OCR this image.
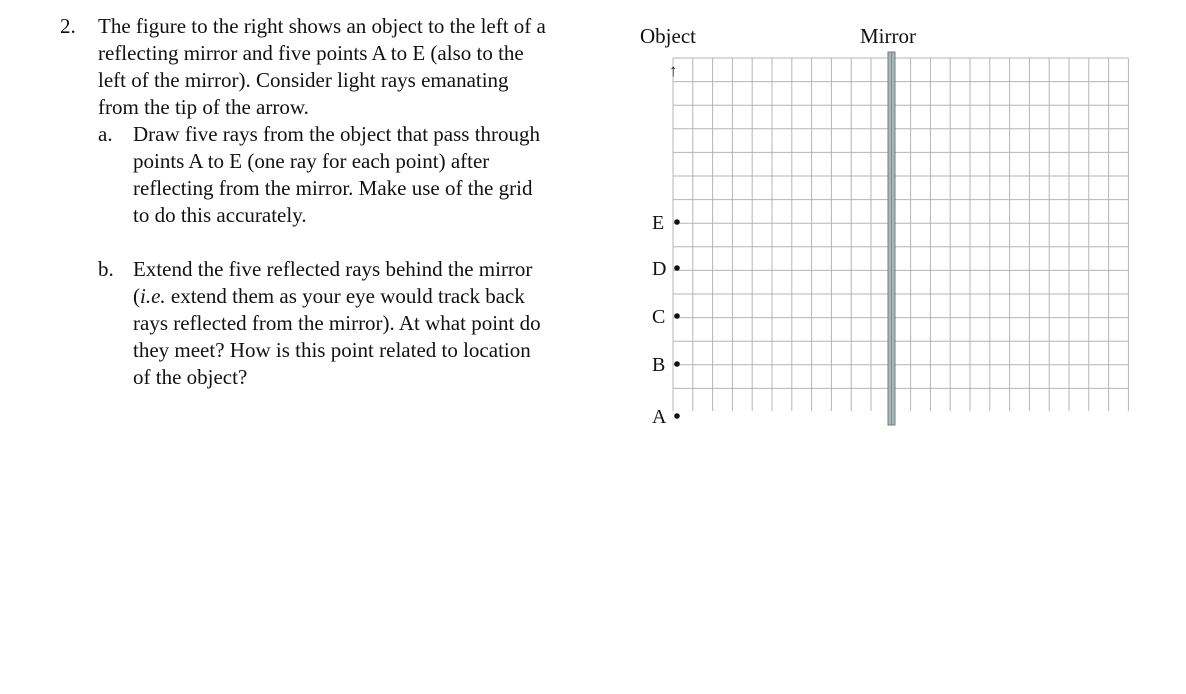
2. The figure to the right shows an object to the left of a
reflecting mirror and five points A to E (also to the
left of the mirror). Consider light rays emanating
from the tip of the arrow.
a. Draw five rays from the object that pass through
points A to E (one ray for each point) after
reflecting from the mirror. Make use of the grid
to do this accurately.
b. Extend the five reflected rays behind the mirror
(i.e. extend them as your eye would track back
rays reflected from the mirror). At what point do
they meet? How is this point related to location
of the object?
Object	Mirror
↑
E
D
C
B
A
